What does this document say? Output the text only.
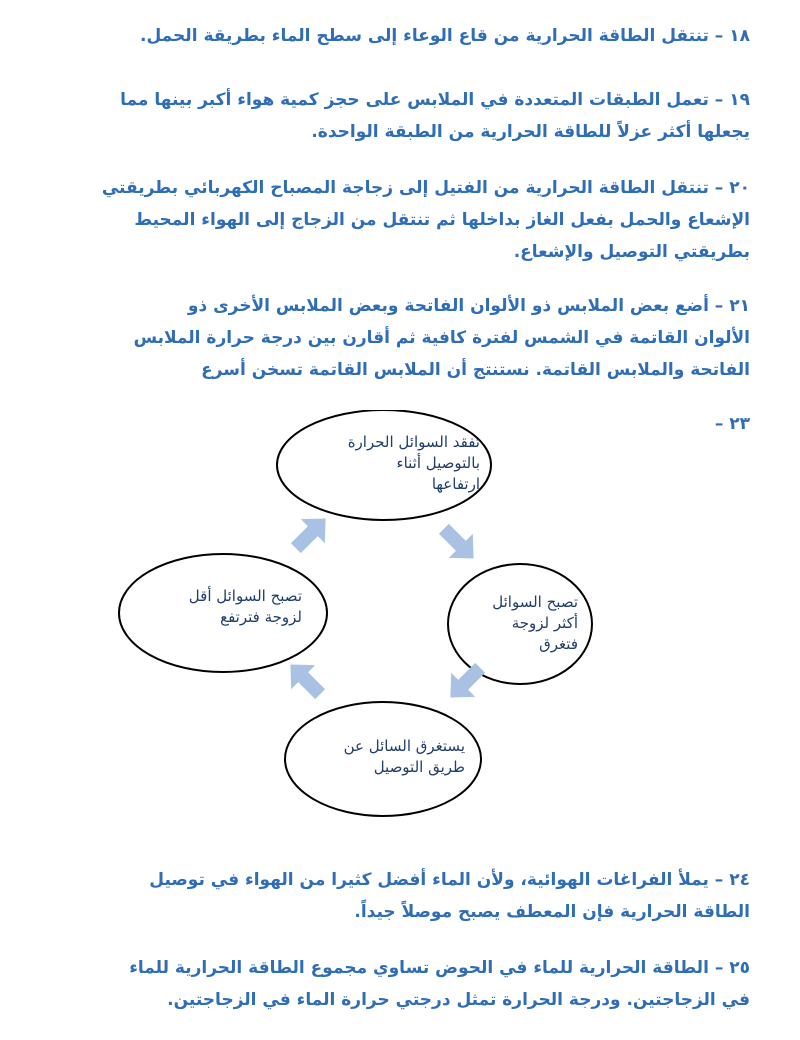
١٨ – تنتقل الطاقة الحرارية من قاع الوعاء إلى سطح الماء بطريقة الحمل.
١٩ – تعمل الطبقات المتعددة في الملابس على حجز كمية هواء أكبر بينها مما
يجعلها أكثر عزلاً للطاقة الحرارية من الطبقة الواحدة.
٢٠ – تنتقل الطاقة الحرارية من الفتيل إلى زجاجة المصباح الكهربائي بطريقتي
الإشعاع والحمل بفعل الغاز بداخلها ثم تنتقل من الزجاج إلى الهواء المحيط
بطريقتي التوصيل والإشعاع.
٢١ – أضع بعض الملابس ذو الألوان الفاتحة وبعض الملابس الأخرى ذو
الألوان القاتمة في الشمس لفترة كافية ثم أقارن بين درجة حرارة الملابس
الفاتحة والملابس القاتمة. نستنتج أن الملابس القاتمة تسخن أسرع
٢٣ –
تفقد السوائل الحرارة
بالتوصيل أثناء
ارتفاعها
تصبح السوائل
أكثر لزوجة
فتغرق
يستغرق السائل عن
طريق التوصيل
تصبح السوائل أقل
لزوجة فترتفع
٢٤ – يملأ الفراغات الهوائية، ولأن الماء أفضل كثيرا من الهواء في توصيل
الطاقة الحرارية فإن المعطف يصبح موصلاً جيداً.
٢٥ – الطاقة الحرارية للماء في الحوض تساوي مجموع الطاقة الحرارية للماء
في الزجاجتين. ودرجة الحرارة تمثل درجتي حرارة الماء في الزجاجتين.
